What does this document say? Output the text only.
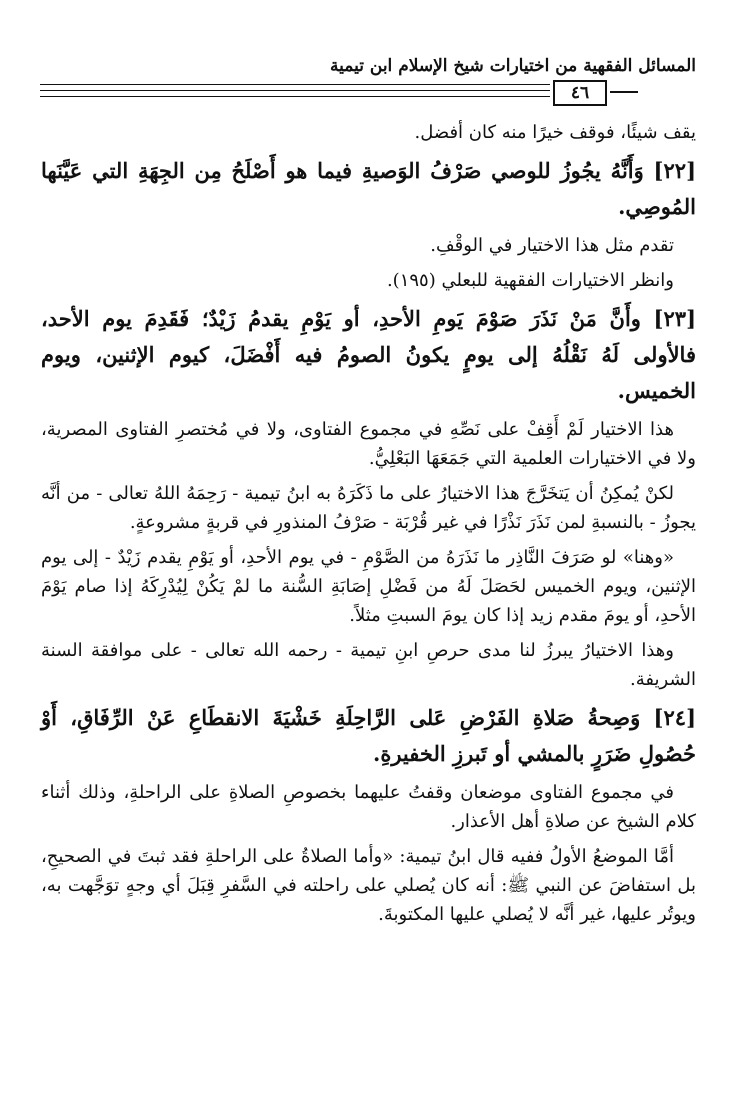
المسائل الفقهية من اختيارات شيخ الإسلام ابن تيمية
٤٦

يقف شيئًا، فوقف خيرًا منه كان أفضل.

[٢٢] وَأَنَّهُ يجُوزُ للوصي صَرْفُ الوَصيةِ فيما هو أَصْلَحُ مِن الجِهَةِ التي عَيَّنَها المُوصِي.

تقدم مثل هذا الاختيار في الوقْفِ.

وانظر الاختيارات الفقهية للبعلي (١٩٥).

[٢٣] وأَنَّ مَنْ نَذَرَ صَوْمَ يَومِ الأحدِ، أو يَوْمِ يقدمُ زَيْدٌ؛ فَقَدِمَ يوم الأحد، فالأولى لَهُ نَقْلُهُ إلى يومٍ يكونُ الصومُ فيه أَفْضَلَ، كيوم الإثنين، ويوم الخميس.

هذا الاختيار لَمْ أَقِفْ على نَصِّهِ في مجموع الفتاوى، ولا في مُختصرِ الفتاوى المصرية، ولا في الاختيارات العلمية التي جَمَعَهَا البَعْلِيُّ.

لكنْ يُمكِنُ أن يَتخَرَّجَ هذا الاختيارُ على ما ذَكَرَهُ به ابنُ تيمية - رَحِمَهُ اللهُ تعالى - من أنَّه يجوزُ - بالنسبةِ لمن نَذَرَ نَذْرًا في غير قُرْبَة - صَرْفُ المنذورِ في قربةٍ مشروعةٍ.

«وهنا» لو صَرَفَ النَّاذِر ما نَذَرَهُ من الصَّوْمِ - في يوم الأحدِ، أو يَوْمِ يقدم زَيْدٌ - إلى يوم الإثنين، ويوم الخميس لحَصَلَ لَهُ من فَضْلِ إصَابَةِ السُّنة ما لمْ يَكُنْ لِيُدْرِكَهُ إذا صام يَوْمَ الأحدِ، أو يومَ مقدم زيد إذا كان يومَ السبتِ مثلاً.

وهذا الاختيارُ يبرزُ لنا مدى حرصِ ابنِ تيمية - رحمه الله تعالى - على موافقة السنة الشريفة.

[٢٤] وَصِحةُ صَلاةِ الفَرْضِ عَلى الرَّاحِلَةِ خَشْيَةَ الانقطَاعِ عَنْ الرِّفَاقِ، أَوْ حُصُولِ ضَرَرٍ بالمشي أو تَبرزِ الخفيرةِ.

في مجموع الفتاوى موضعان وقفتُ عليهما بخصوصِ الصلاةِ على الراحلةِ، وذلك أثناء كلام الشيخ عن صلاةِ أهل الأعذار.

أمَّا الموضعُ الأولُ ففيه قال ابنُ تيمية: «وأما الصلاةُ على الراحلةِ فقد ثبتَ في الصحيحِ، بل استفاضَ عن النبي ﷺ: أنه كان يُصلي على راحلته في السَّفرِ قِبَلَ أي وجهٍ توَجَّهت به، ويوتُر عليها، غير أنَّه لا يُصلي عليها المكتوبةَ.
